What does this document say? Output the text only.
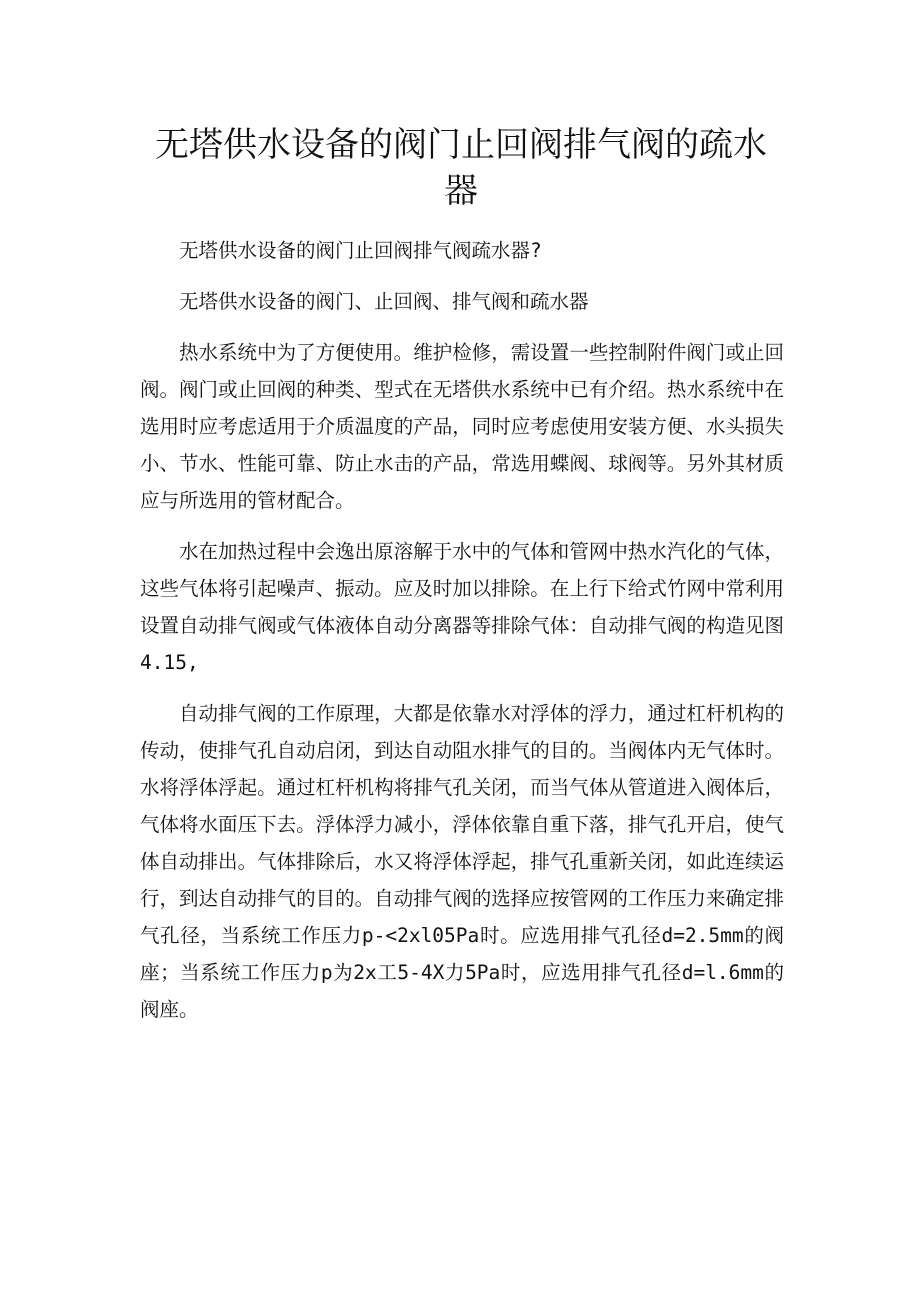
无塔供水设备的阀门止回阀排气阀的疏水器

无塔供水设备的阀门止回阀排气阀疏水器?

无塔供水设备的阀门、止回阀、排气阀和疏水器

热水系统中为了方便使用。维护检修，需设置一些控制附件阀门或止回阀。阀门或止回阀的种类、型式在无塔供水系统中已有介绍。热水系统中在选用时应考虑适用于介质温度的产品，同时应考虑使用安装方便、水头损失小、节水、性能可靠、防止水击的产品，常选用蝶阀、球阀等。另外其材质应与所选用的管材配合。

水在加热过程中会逸出原溶解于水中的气体和管网中热水汽化的气体，这些气体将引起噪声、振动。应及时加以排除。在上行下给式竹网中常利用设置自动排气阀或气体液体自动分离器等排除气体：自动排气阀的构造见图4.15,

自动排气阀的工作原理，大都是依靠水对浮体的浮力，通过杠杆机构的传动，使排气孔自动启闭，到达自动阻水排气的目的。当阀体内无气体时。水将浮体浮起。通过杠杆机构将排气孔关闭，而当气体从管道进入阀体后，气体将水面压下去。浮体浮力减小，浮体依靠自重下落，排气孔开启，使气体自动排出。气体排除后，水又将浮体浮起，排气孔重新关闭，如此连续运行，到达自动排气的目的。自动排气阀的选择应按管网的工作压力来确定排气孔径，当系统工作压力p-<2xl05Pa时。应选用排气孔径d=2.5mm的阀座；当系统工作压力p为2x工5-4X力5Pa时，应选用排气孔径d=l.6mm的阀座。
